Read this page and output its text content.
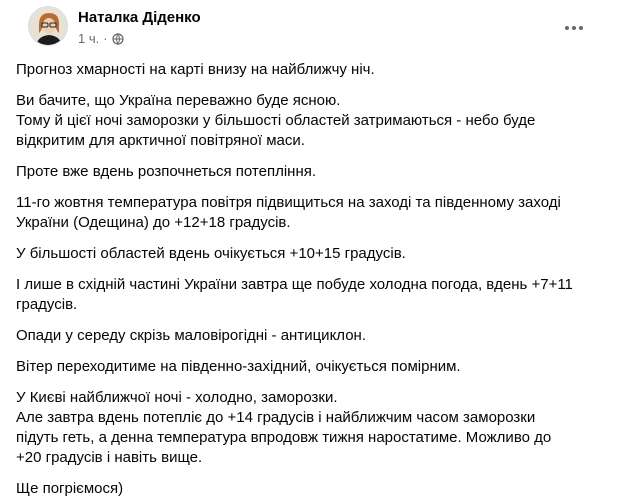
Наталка Діденко
1 ч. ·
Прогноз хмарності на карті внизу на найближчу ніч.
Ви бачите, що Україна переважно буде ясною.
Тому й цієї ночі заморозки у більшості областей затримаються - небо буде
відкритим для арктичної повітряної маси.
Проте вже вдень розпочнеться потепління.
11-го жовтня температура повітря підвищиться на заході та південному заході
України (Одещина) до +12+18 градусів.
У більшості областей вдень очікується +10+15 градусів.
І лише в східній частині України завтра ще побуде холодна погода, вдень +7+11
градусів.
Опади у середу скрізь маловірогідні - антициклон.
Вітер переходитиме на південно-західний, очікується помірним.
У Києві найближчої ночі - холодно, заморозки.
Але завтра вдень потепліє до +14 градусів і найближчим часом заморозки
підуть геть, а денна температура впродовж тижня наростатиме. Можливо до
+20 градусів і навіть вище.
Ще погріємося)
